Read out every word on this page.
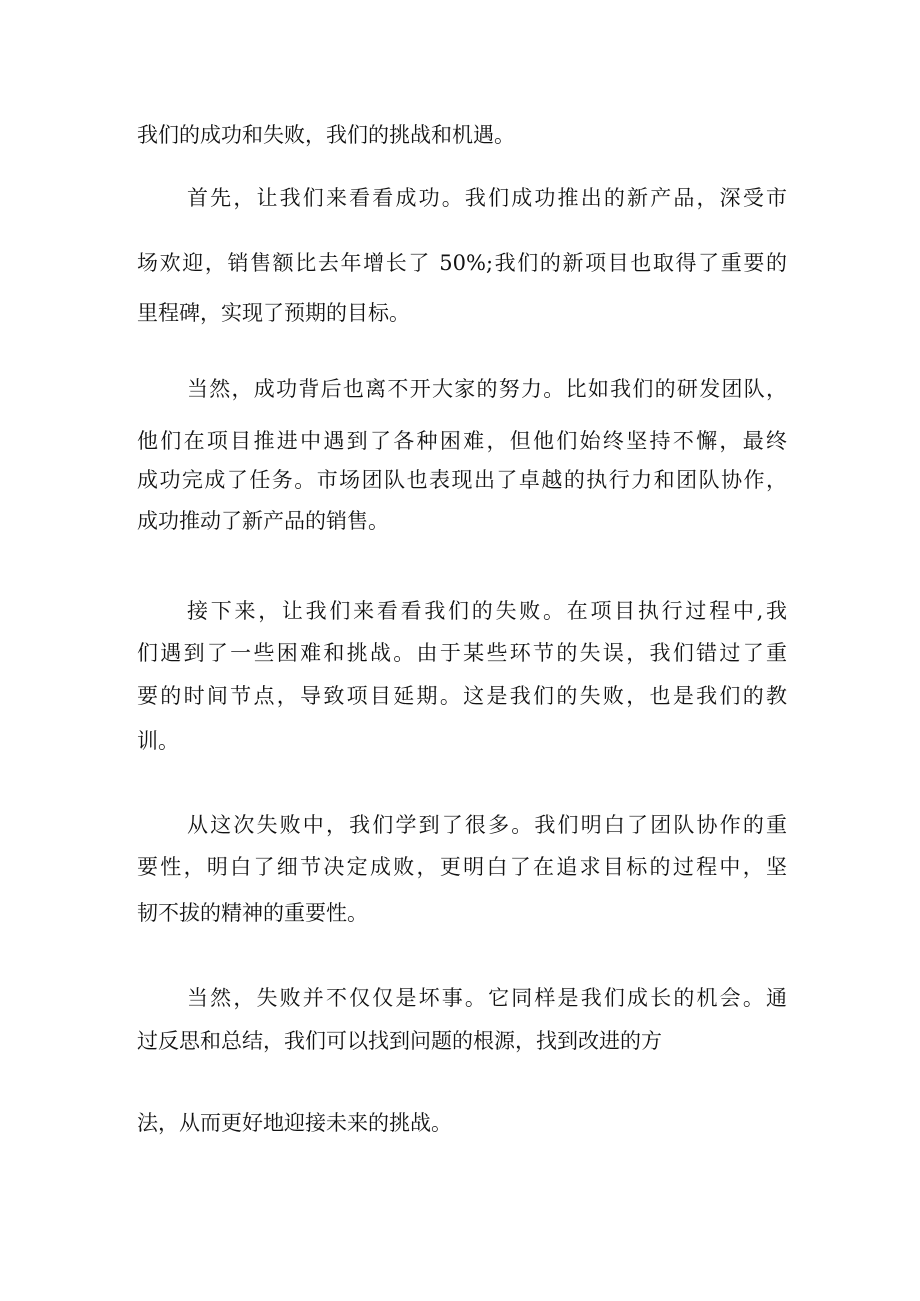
我们的成功和失败，我们的挑战和机遇。

首先，让我们来看看成功。我们成功推出的新产品，深受市

场欢迎，销售额比去年增长了 50%;我们的新项目也取得了重要的

里程碑，实现了预期的目标。

当然，成功背后也离不开大家的努力。比如我们的研发团队，

他们在项目推进中遇到了各种困难，但他们始终坚持不懈，最终

成功完成了任务。市场团队也表现出了卓越的执行力和团队协作，

成功推动了新产品的销售。

接下来，让我们来看看我们的失败。在项目执行过程中,我

们遇到了一些困难和挑战。由于某些环节的失误，我们错过了重

要的时间节点，导致项目延期。这是我们的失败，也是我们的教

训。

从这次失败中，我们学到了很多。我们明白了团队协作的重

要性，明白了细节决定成败，更明白了在追求目标的过程中，坚

韧不拔的精神的重要性。

当然，失败并不仅仅是坏事。它同样是我们成长的机会。通

过反思和总结，我们可以找到问题的根源，找到改进的方

法，从而更好地迎接未来的挑战。
